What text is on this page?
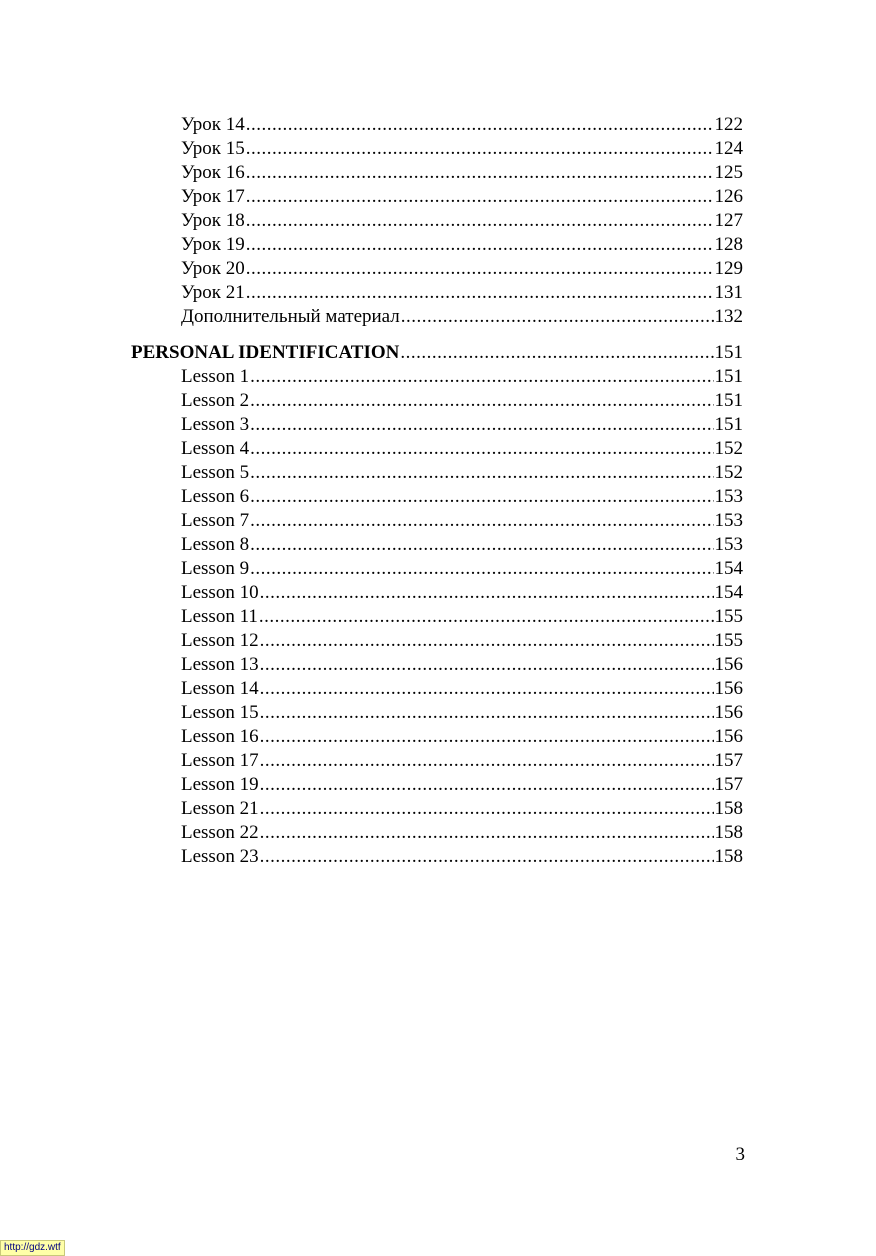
Урок 14 .....	122
Урок 15 .....	124
Урок 16 .....	125
Урок 17 .....	126
Урок 18 .....	127
Урок 19 .....	128
Урок 20 .....	129
Урок 21 .....	131
Дополнительный материал .....	132
PERSONAL IDENTIFICATION .....	151
Lesson 1 .....	151
Lesson 2 .....	151
Lesson 3 .....	151
Lesson 4 .....	152
Lesson 5 .....	152
Lesson 6 .....	153
Lesson 7 .....	153
Lesson 8 .....	153
Lesson 9 .....	154
Lesson 10 .....	154
Lesson 11 .....	155
Lesson 12 .....	155
Lesson 13 .....	156
Lesson 14 .....	156
Lesson 15 .....	156
Lesson 16 .....	156
Lesson 17 .....	157
Lesson 19 .....	157
Lesson 21 .....	158
Lesson 22 .....	158
Lesson 23 .....	158
3
http://gdz.wtf
